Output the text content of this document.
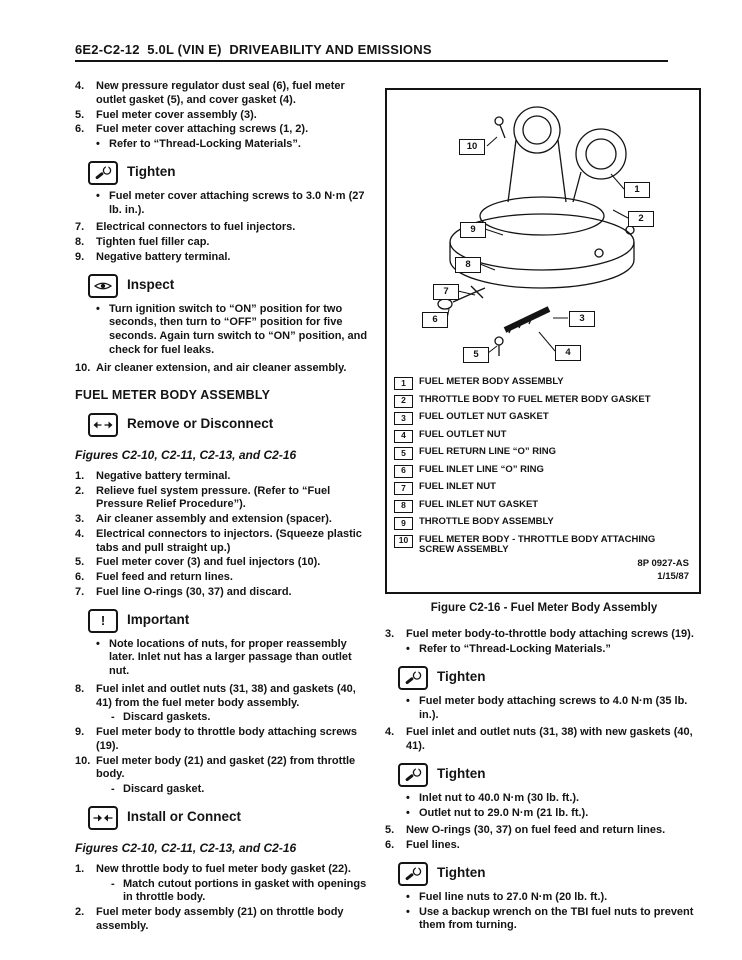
6E2-C2-12  5.0L (VIN E)  DRIVEABILITY AND EMISSIONS
4.	New pressure regulator dust seal (6), fuel meter outlet gasket (5), and cover gasket (4).
5.	Fuel meter cover assembly (3).
6.	Fuel meter cover attaching screws (1, 2).
• Refer to “Thread-Locking Materials”.
Tighten
• Fuel meter cover attaching screws to 3.0 N·m (27 lb. in.).
7.	Electrical connectors to fuel injectors.
8.	Tighten fuel filler cap.
9.	Negative battery terminal.
Inspect
• Turn ignition switch to “ON” position for two seconds, then turn to “OFF” position for five seconds. Again turn switch to “ON” position, and check for fuel leaks.
10. Air cleaner extension, and air cleaner assembly.
FUEL METER BODY ASSEMBLY
Remove or Disconnect
Figures C2-10, C2-11, C2-13, and C2-16
1.	Negative battery terminal.
2.	Relieve fuel system pressure. (Refer to “Fuel Pressure Relief Procedure”).
3.	Air cleaner assembly and extension (spacer).
4.	Electrical connectors to injectors. (Squeeze plastic tabs and pull straight up.)
5.	Fuel meter cover (3) and fuel injectors (10).
6.	Fuel feed and return lines.
7.	Fuel line O-rings (30, 37) and discard.
! Important
• Note locations of nuts, for proper reassembly later. Inlet nut has a larger passage than outlet nut.
8.	Fuel inlet and outlet nuts (31, 38) and gaskets (40, 41) from the fuel meter body assembly.
- Discard gaskets.
9.	Fuel meter body to throttle body attaching screws (19).
10. Fuel meter body (21) and gasket (22) from throttle body.
- Discard gasket.
Install or Connect
Figures C2-10, C2-11, C2-13, and C2-16
1.	New throttle body to fuel meter body gasket (22).
- Match cutout portions in gasket with openings in throttle body.
2.	Fuel meter body assembly (21) on throttle body assembly.
10
1
2
9
8
7
6	3
5	4
1	FUEL METER BODY ASSEMBLY
2	THROTTLE BODY TO FUEL METER BODY GASKET
3	FUEL OUTLET NUT GASKET
4	FUEL OUTLET NUT
5	FUEL RETURN LINE “O” RING
6	FUEL INLET LINE “O” RING
7	FUEL INLET NUT
8	FUEL INLET NUT GASKET
9	THROTTLE BODY ASSEMBLY
10	FUEL METER BODY - THROTTLE BODY ATTACHING SCREW ASSEMBLY
8P 0927-AS
1/15/87
Figure C2-16 - Fuel Meter Body Assembly
3.	Fuel meter body-to-throttle body attaching screws (19).
• Refer to “Thread-Locking Materials.”
Tighten
• Fuel meter body attaching screws to 4.0 N·m (35 lb. in.).
4.	Fuel inlet and outlet nuts (31, 38) with new gaskets (40, 41).
Tighten
• Inlet nut to 40.0 N·m (30 lb. ft.).
• Outlet nut to 29.0 N·m (21 lb. ft.).
5.	New O-rings (30, 37) on fuel feed and return lines.
6.	Fuel lines.
Tighten
• Fuel line nuts to 27.0 N·m (20 lb. ft.).
• Use a backup wrench on the TBI fuel nuts to prevent them from turning.
